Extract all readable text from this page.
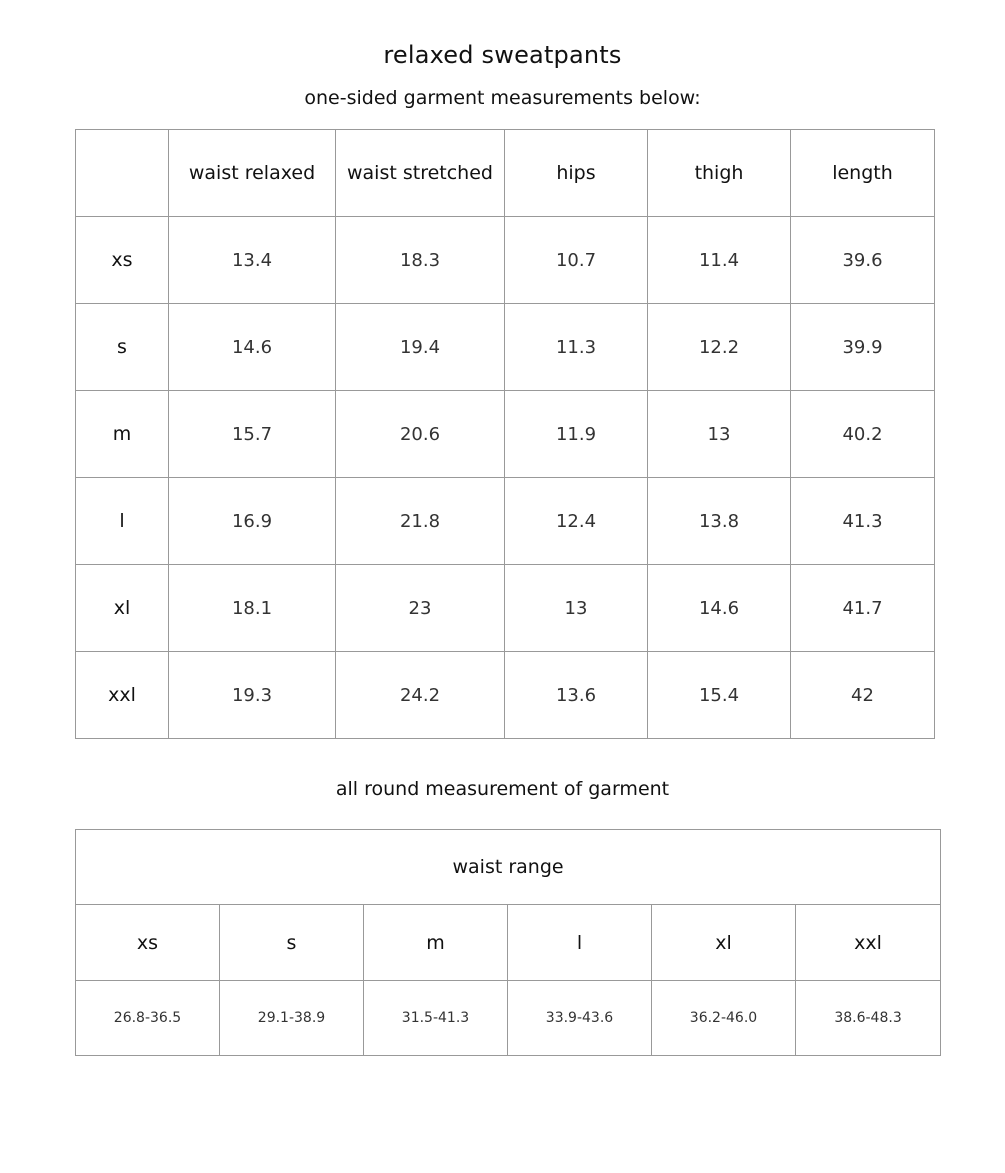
relaxed sweatpants
one-sided garment measurements below:
	waist relaxed	waist stretched	hips	thigh	length
xs	13.4	18.3	10.7	11.4	39.6
s	14.6	19.4	11.3	12.2	39.9
m	15.7	20.6	11.9	13	40.2
l	16.9	21.8	12.4	13.8	41.3
xl	18.1	23	13	14.6	41.7
xxl	19.3	24.2	13.6	15.4	42
all round measurement of garment
waist range					
xs	s	m	l	xl	xxl
26.8-36.5	29.1-38.9	31.5-41.3	33.9-43.6	36.2-46.0	38.6-48.3
